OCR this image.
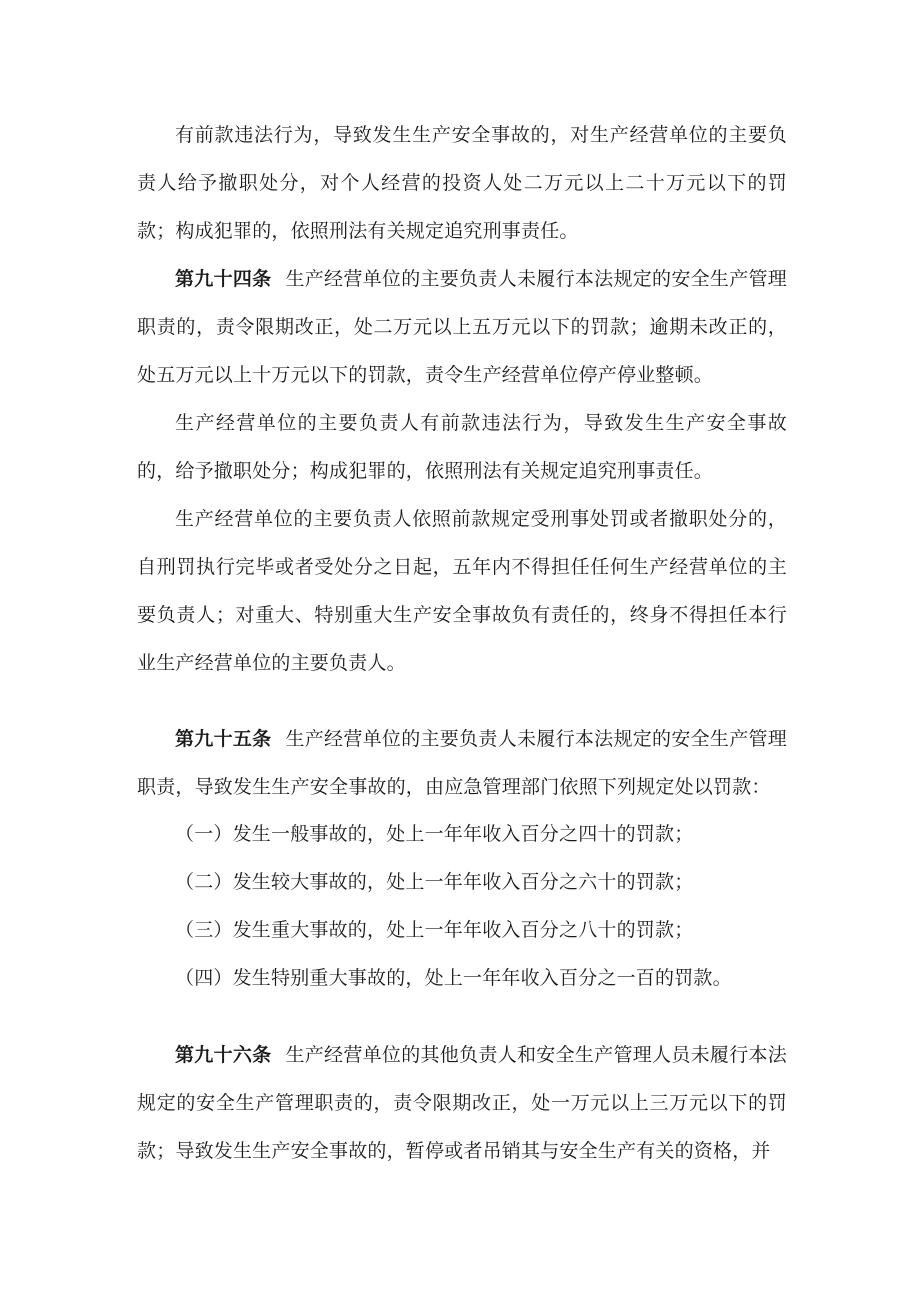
有前款违法行为，导致发生生产安全事故的，对生产经营单位的主要负责人给予撤职处分，对个人经营的投资人处二万元以上二十万元以下的罚款；构成犯罪的，依照刑法有关规定追究刑事责任。

第九十四条 生产经营单位的主要负责人未履行本法规定的安全生产管理职责的，责令限期改正，处二万元以上五万元以下的罚款；逾期未改正的，处五万元以上十万元以下的罚款，责令生产经营单位停产停业整顿。

生产经营单位的主要负责人有前款违法行为，导致发生生产安全事故的，给予撤职处分；构成犯罪的，依照刑法有关规定追究刑事责任。

生产经营单位的主要负责人依照前款规定受刑事处罚或者撤职处分的，自刑罚执行完毕或者受处分之日起，五年内不得担任任何生产经营单位的主要负责人；对重大、特别重大生产安全事故负有责任的，终身不得担任本行业生产经营单位的主要负责人。

第九十五条 生产经营单位的主要负责人未履行本法规定的安全生产管理职责，导致发生生产安全事故的，由应急管理部门依照下列规定处以罚款：

（一）发生一般事故的，处上一年年收入百分之四十的罚款；

（二）发生较大事故的，处上一年年收入百分之六十的罚款；

（三）发生重大事故的，处上一年年收入百分之八十的罚款；

（四）发生特别重大事故的，处上一年年收入百分之一百的罚款。

第九十六条 生产经营单位的其他负责人和安全生产管理人员未履行本法规定的安全生产管理职责的，责令限期改正，处一万元以上三万元以下的罚款；导致发生生产安全事故的，暂停或者吊销其与安全生产有关的资格，并
